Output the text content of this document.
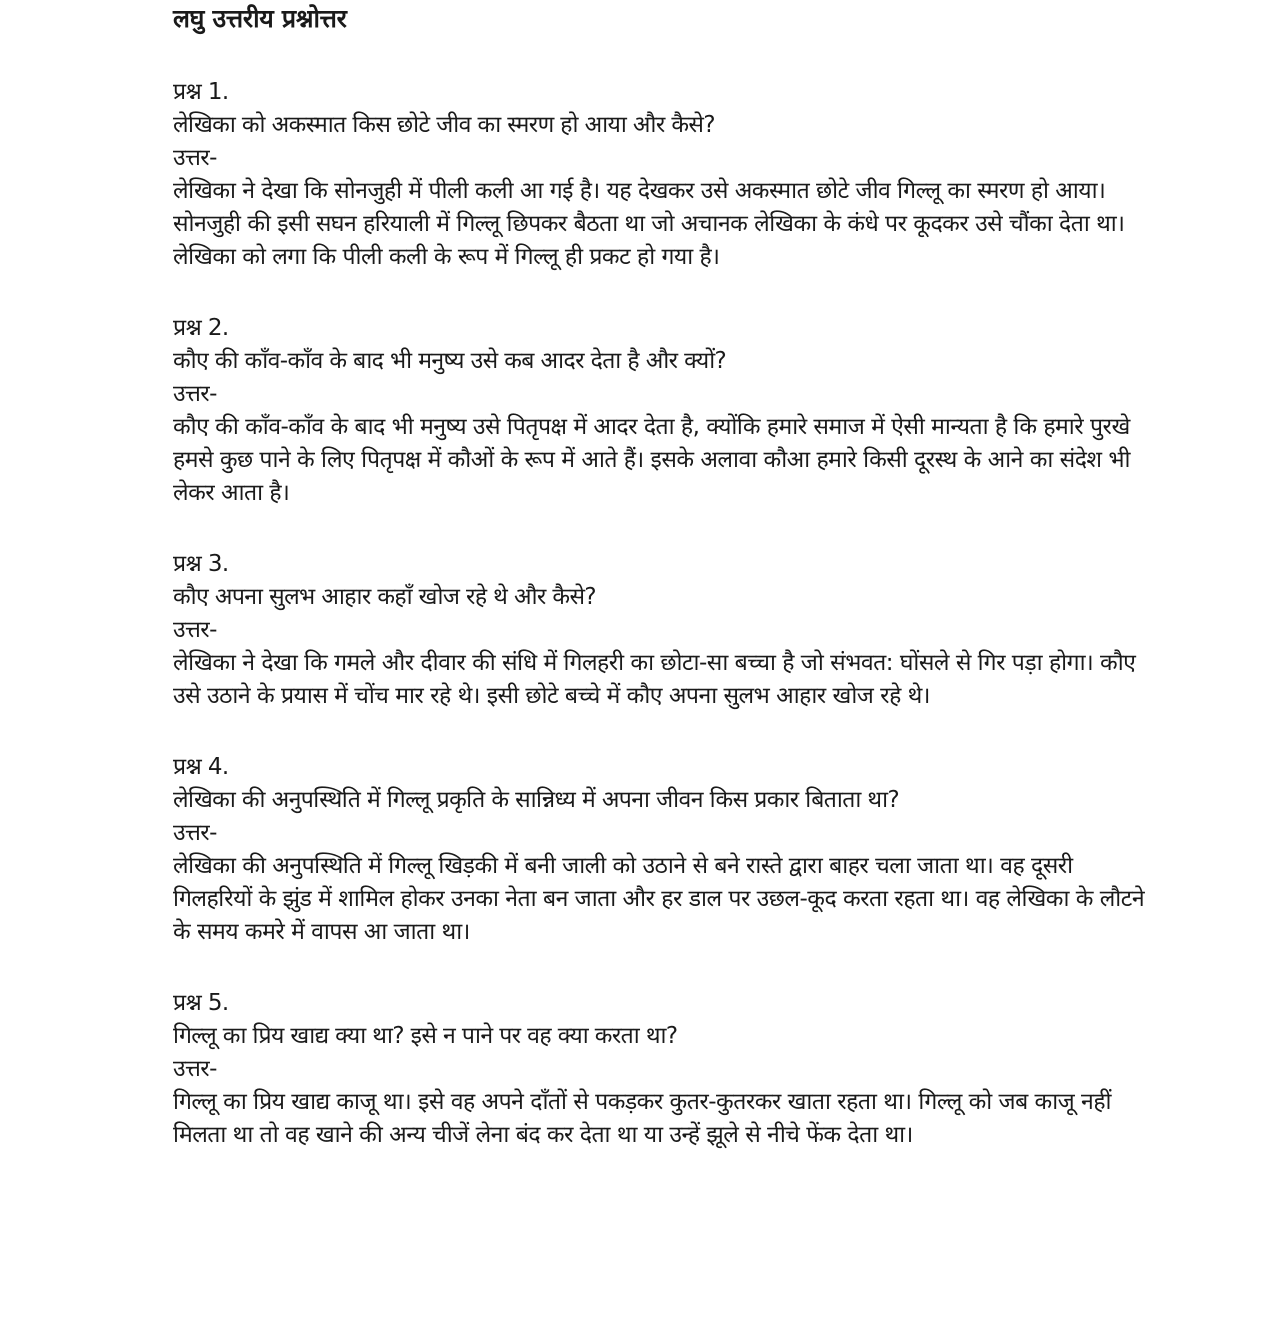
लघु उत्तरीय प्रश्नोत्तर

प्रश्न 1.

लेखिका को अकस्मात किस छोटे जीव का स्मरण हो आया और कैसे?

उत्तर-

लेखिका ने देखा कि सोनजुही में पीली कली आ गई है। यह देखकर उसे अकस्मात छोटे जीव गिल्लू का स्मरण हो आया। सोनजुही की इसी सघन हरियाली में गिल्लू छिपकर बैठता था जो अचानक लेखिका के कंधे पर कूदकर उसे चौंका देता था। लेखिका को लगा कि पीली कली के रूप में गिल्लू ही प्रकट हो गया है।

प्रश्न 2.

कौए की काँव-काँव के बाद भी मनुष्य उसे कब आदर देता है और क्यों?

उत्तर-

कौए की काँव-काँव के बाद भी मनुष्य उसे पितृपक्ष में आदर देता है, क्योंकि हमारे समाज में ऐसी मान्यता है कि हमारे पुरखे हमसे कुछ पाने के लिए पितृपक्ष में कौओं के रूप में आते हैं। इसके अलावा कौआ हमारे किसी दूरस्थ के आने का संदेश भी लेकर आता है।

प्रश्न 3.

कौए अपना सुलभ आहार कहाँ खोज रहे थे और कैसे?

उत्तर-

लेखिका ने देखा कि गमले और दीवार की संधि में गिलहरी का छोटा-सा बच्चा है जो संभवत: घोंसले से गिर पड़ा होगा। कौए उसे उठाने के प्रयास में चोंच मार रहे थे। इसी छोटे बच्चे में कौए अपना सुलभ आहार खोज रहे थे।

प्रश्न 4.

लेखिका की अनुपस्थिति में गिल्लू प्रकृति के सान्निध्य में अपना जीवन किस प्रकार बिताता था?

उत्तर-

लेखिका की अनुपस्थिति में गिल्लू खिड़की में बनी जाली को उठाने से बने रास्ते द्वारा बाहर चला जाता था। वह दूसरी गिलहरियों के झुंड में शामिल होकर उनका नेता बन जाता और हर डाल पर उछल-कूद करता रहता था। वह लेखिका के लौटने के समय कमरे में वापस आ जाता था।

प्रश्न 5.

गिल्लू का प्रिय खाद्य क्या था? इसे न पाने पर वह क्या करता था?

उत्तर-

गिल्लू का प्रिय खाद्य काजू था। इसे वह अपने दाँतों से पकड़कर कुतर-कुतरकर खाता रहता था। गिल्लू को जब काजू नहीं मिलता था तो वह खाने की अन्य चीजें लेना बंद कर देता था या उन्हें झूले से नीचे फेंक देता था।
